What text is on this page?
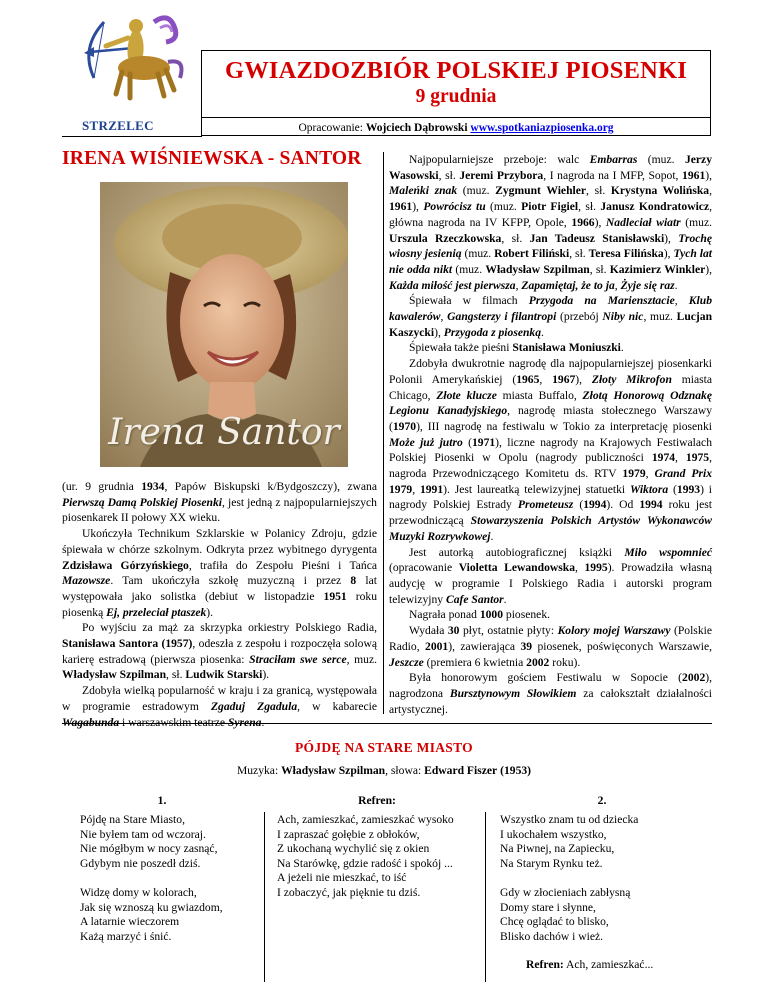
STRZELEC
GWIAZDOZBIÓR POLSKIEJ PIOSENKI
9 grudnia
Opracowanie: Wojciech Dąbrowski www.spotkaniazpiosenka.org
IRENA WIŚNIEWSKA - SANTOR
Irena Santor

(ur. 9 grudnia 1934, Papów Biskupski k/Bydgoszczy), zwana Pierwszą Damą Polskiej Piosenki, jest jedną z najpopularniejszych piosenkarek II połowy XX wieku.

Ukończyła Technikum Szklarskie w Polanicy Zdroju, gdzie śpiewała w chórze szkolnym. Odkryta przez wybitnego dyrygenta Zdzisława Górzyńskiego, trafiła do Zespołu Pieśni i Tańca Mazowsze. Tam ukończyła szkołę muzyczną i przez 8 lat występowała jako solistka (debiut w listopadzie 1951 roku piosenką Ej, przeleciał ptaszek).

Po wyjściu za mąż za skrzypka orkiestry Polskiego Radia, Stanisława Santora (1957), odeszła z zespołu i rozpoczęła solową karierę estradową (pierwsza piosenka: Straciłam swe serce, muz. Władysław Szpilman, sł. Ludwik Starski).

Zdobyła wielką popularność w kraju i za granicą, występowała w programie estradowym Zgaduj Zgadula, w kabarecie Wagabunda i warszawskim teatrze Syrena.

Najpopularniejsze przeboje: walc Embarras (muz. Jerzy Wasowski, sł. Jeremi Przybora, I nagroda na I MFP, Sopot, 1961), Maleńki znak (muz. Zygmunt Wiehler, sł. Krystyna Wolińska, 1961), Powrócisz tu (muz. Piotr Figiel, sł. Janusz Kondratowicz, główna nagroda na IV KFPP, Opole, 1966), Nadleciał wiatr (muz. Urszula Rzeczkowska, sł. Jan Tadeusz Stanisławski), Trochę wiosny jesienią (muz. Robert Filiński, sł. Teresa Filińska), Tych lat nie odda nikt (muz. Władysław Szpilman, sł. Kazimierz Winkler), Każda miłość jest pierwsza, Zapamiętaj, że to ja, Żyje się raz.

Śpiewała w filmach Przygoda na Mariensztacie, Klub kawalerów, Gangsterzy i filantropi (przebój Niby nic, muz. Lucjan Kaszycki), Przygoda z piosenką.

Śpiewała także pieśni Stanisława Moniuszki.

Zdobyła dwukrotnie nagrodę dla najpopularniejszej piosenkarki Polonii Amerykańskiej (1965, 1967), Złoty Mikrofon miasta Chicago, Złote klucze miasta Buffalo, Złotą Honorową Odznakę Legionu Kanadyjskiego, nagrodę miasta stołecznego Warszawy (1970), III nagrodę na festiwalu w Tokio za interpretację piosenki Może już jutro (1971), liczne nagrody na Krajowych Festiwalach Polskiej Piosenki w Opolu (nagrody publiczności 1974, 1975, nagroda Przewodniczącego Komitetu ds. RTV 1979, Grand Prix 1979, 1991). Jest laureatką telewizyjnej statuetki Wiktora (1993) i nagrody Polskiej Estrady Prometeusz (1994). Od 1994 roku jest przewodniczącą Stowarzyszenia Polskich Artystów Wykonawców Muzyki Rozrywkowej.

Jest autorką autobiograficznej książki Miło wspomnieć (opracowanie Violetta Lewandowska, 1995). Prowadziła własną audycję w programie I Polskiego Radia i autorski program telewizyjny Cafe Santor.

Nagrała ponad 1000 piosenek.

Wydała 30 płyt, ostatnie płyty: Kolory mojej Warszawy (Polskie Radio, 2001), zawierająca 39 piosenek, poświęconych Warszawie, Jeszcze (premiera 6 kwietnia 2002 roku).

Była honorowym gościem Festiwalu w Sopocie (2002), nagrodzona Bursztynowym Słowikiem za całokształt działalności artystycznej.

PÓJDĘ NA STARE MIASTO
Muzyka: Władysław Szpilman, słowa: Edward Fiszer (1953)
1.	Refren:	2.
Pójdę na Stare Miasto,
Nie byłem tam od wczoraj.
Nie mógłbym w nocy zasnąć,
Gdybym nie poszedł dziś.
Widzę domy w kolorach,
Jak się wznoszą ku gwiazdom,
A latarnie wieczorem
Każą marzyć i śnić.
Ach, zamieszkać, zamieszkać wysoko
I zapraszać gołębie z obłoków,
Z ukochaną wychylić się z okien
Na Starówkę, gdzie radość i spokój ...
A jeżeli nie mieszkać, to iść
I zobaczyć, jak pięknie tu dziś.
Wszystko znam tu od dziecka
I ukochałem wszystko,
Na Piwnej, na Zapiecku,
Na Starym Rynku też.
Gdy w złocieniach zabłysną
Domy stare i słynne,
Chcę oglądać to blisko,
Blisko dachów i wież.
Refren: Ach, zamieszkać...
